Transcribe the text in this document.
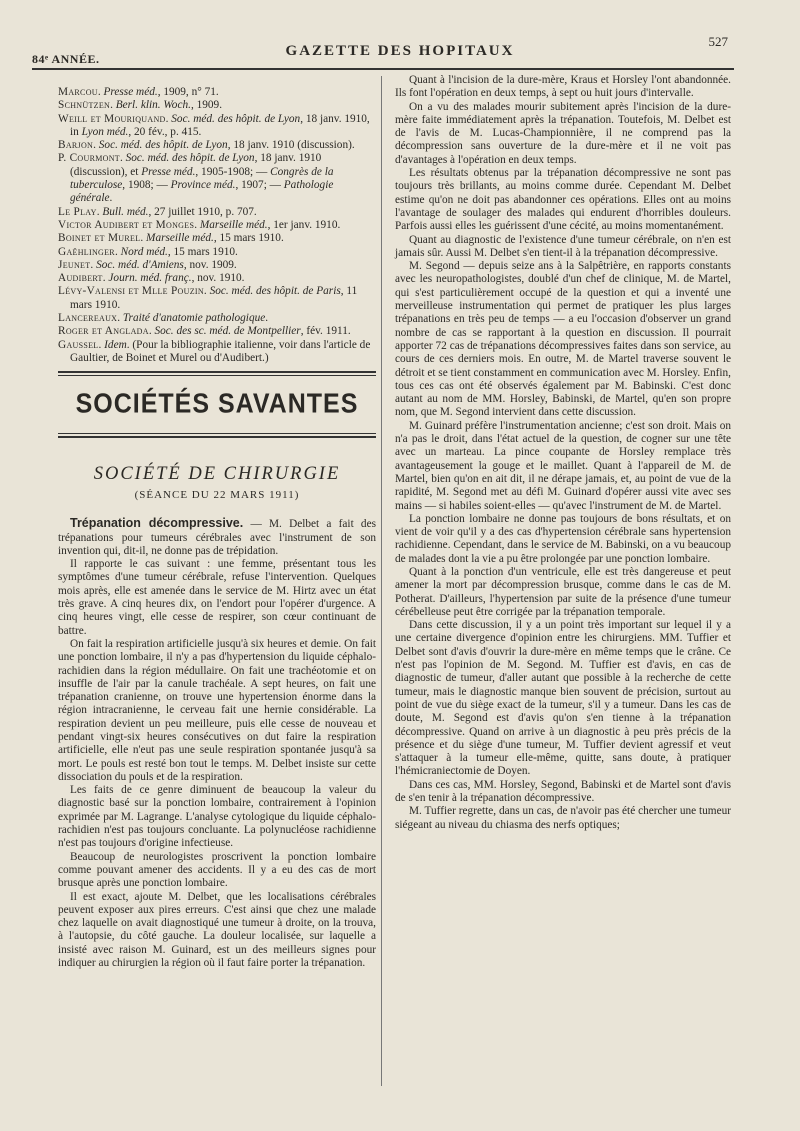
84ᵉ ANNÉE.	GAZETTE DES HOPITAUX
527

Marcou. Presse méd., 1909, n° 71.

Schnützen. Berl. klin. Woch., 1909.

Weill et Mouriquand. Soc. méd. des hôpit. de Lyon, 18 janv. 1910, in Lyon méd., 20 fév., p. 415.

Barjon. Soc. méd. des hôpit. de Lyon, 18 janv. 1910 (discussion).

P. Courmont. Soc. méd. des hôpit. de Lyon, 18 janv. 1910 (discussion), et Presse méd., 1905-1908; — Congrès de la tuberculose, 1908; — Province méd., 1907; — Pathologie générale.

Le Play. Bull. méd., 27 juillet 1910, p. 707.

Victor Audibert et Monges. Marseille méd., 1er janv. 1910.

Boinet et Murel. Marseille méd., 15 mars 1910.

Gaëhlinger. Nord méd., 15 mars 1910.

Jeunet. Soc. méd. d'Amiens, nov. 1909.

Audibert. Journ. méd. franç., nov. 1910.

Lévy-Valensi et Mlle Pouzin. Soc. méd. des hôpit. de Paris, 11 mars 1910.

Lancereaux. Traité d'anatomie pathologique.

Roger et Anglada. Soc. des sc. méd. de Montpellier, fév. 1911.

Gaussel. Idem. (Pour la bibliographie italienne, voir dans l'article de Gaultier, de Boinet et Murel ou d'Audibert.)

SOCIÉTÉS SAVANTES
SOCIÉTÉ DE CHIRURGIE
(SÉANCE DU 22 MARS 1911)

Trépanation décompressive. — M. Delbet a fait des trépanations pour tumeurs cérébrales avec l'instrument de son invention qui, dit-il, ne donne pas de trépidation.

Il rapporte le cas suivant : une femme, présentant tous les symptômes d'une tumeur cérébrale, refuse l'intervention. Quelques mois après, elle est amenée dans le service de M. Hirtz avec un état très grave. A cinq heures dix, on l'endort pour l'opérer d'urgence. A cinq heures vingt, elle cesse de respirer, son cœur continuant de battre.

On fait la respiration artificielle jusqu'à six heures et demie. On fait une ponction lombaire, il n'y a pas d'hypertension du liquide céphalo-rachidien dans la région médullaire. On fait une trachéotomie et on insuffle de l'air par la canule trachéale. A sept heures, on fait une trépanation cranienne, on trouve une hypertension énorme dans la région intracranienne, le cerveau fait une hernie considérable. La respiration devient un peu meilleure, puis elle cesse de nouveau et pendant vingt-six heures consécutives on dut faire la respiration artificielle, elle n'eut pas une seule respiration spontanée jusqu'à sa mort. Le pouls est resté bon tout le temps. M. Delbet insiste sur cette dissociation du pouls et de la respiration.

Les faits de ce genre diminuent de beaucoup la valeur du diagnostic basé sur la ponction lombaire, contrairement à l'opinion exprimée par M. Lagrange. L'analyse cytologique du liquide céphalo-rachidien n'est pas toujours concluante. La polynucléose rachidienne n'est pas toujours d'origine infectieuse.

Beaucoup de neurologistes proscrivent la ponction lombaire comme pouvant amener des accidents. Il y a eu des cas de mort brusque après une ponction lombaire.

Il est exact, ajoute M. Delbet, que les localisations cérébrales peuvent exposer aux pires erreurs. C'est ainsi que chez une malade chez laquelle on avait diagnostiqué une tumeur à droite, on la trouva, à l'autopsie, du côté gauche. La douleur localisée, sur laquelle a insisté avec raison M. Guinard, est un des meilleurs signes pour indiquer au chirurgien la région où il faut faire porter la trépanation.

Quant à l'incision de la dure-mère, Kraus et Horsley l'ont abandonnée. Ils font l'opération en deux temps, à sept ou huit jours d'intervalle.

On a vu des malades mourir subitement après l'incision de la dure-mère faite immédiatement après la trépanation. Toutefois, M. Delbet est de l'avis de M. Lucas-Championnière, il ne comprend pas la décompression sans ouverture de la dure-mère et il ne voit pas d'avantages à l'opération en deux temps.

Les résultats obtenus par la trépanation décompressive ne sont pas toujours très brillants, au moins comme durée. Cependant M. Delbet estime qu'on ne doit pas abandonner ces opérations. Elles ont au moins l'avantage de soulager des malades qui endurent d'horribles douleurs. Parfois aussi elles les guérissent d'une cécité, au moins momentanément.

Quant au diagnostic de l'existence d'une tumeur cérébrale, on n'en est jamais sûr. Aussi M. Delbet s'en tient-il à la trépanation décompressive.

M. Segond — depuis seize ans à la Salpêtrière, en rapports constants avec les neuropathologistes, doublé d'un chef de clinique, M. de Martel, qui s'est particulièrement occupé de la question et qui a inventé une merveilleuse instrumentation qui permet de pratiquer les plus larges trépanations en très peu de temps — a eu l'occasion d'observer un grand nombre de cas se rapportant à la question en discussion. Il pourrait apporter 72 cas de trépanations décompressives faites dans son service, au cours de ces derniers mois. En outre, M. de Martel traverse souvent le détroit et se tient constamment en communication avec M. Horsley. Enfin, tous ces cas ont été observés également par M. Babinski. C'est donc autant au nom de MM. Horsley, Babinski, de Martel, qu'en son propre nom, que M. Segond intervient dans cette discussion.

M. Guinard préfère l'instrumentation ancienne; c'est son droit. Mais on n'a pas le droit, dans l'état actuel de la question, de cogner sur une tête avec un marteau. La pince coupante de Horsley remplace très avantageusement la gouge et le maillet. Quant à l'appareil de M. de Martel, bien qu'on en ait dit, il ne dérape jamais, et, au point de vue de la rapidité, M. Segond met au défi M. Guinard d'opérer aussi vite avec ses mains — si habiles soient-elles — qu'avec l'instrument de M. de Martel.

La ponction lombaire ne donne pas toujours de bons résultats, et on vient de voir qu'il y a des cas d'hypertension cérébrale sans hypertension rachidienne. Cependant, dans le service de M. Babinski, on a vu beaucoup de malades dont la vie a pu être prolongée par une ponction lombaire.

Quant à la ponction d'un ventricule, elle est très dangereuse et peut amener la mort par décompression brusque, comme dans le cas de M. Potherat. D'ailleurs, l'hypertension par suite de la présence d'une tumeur cérébelleuse peut être corrigée par la trépanation temporale.

Dans cette discussion, il y a un point très important sur lequel il y a une certaine divergence d'opinion entre les chirurgiens. MM. Tuffier et Delbet sont d'avis d'ouvrir la dure-mère en même temps que le crâne. Ce n'est pas l'opinion de M. Segond. M. Tuffier est d'avis, en cas de diagnostic de tumeur, d'aller autant que possible à la recherche de cette tumeur, mais le diagnostic manque bien souvent de précision, surtout au point de vue du siège exact de la tumeur, s'il y a tumeur. Dans les cas de doute, M. Segond est d'avis qu'on s'en tienne à la trépanation décompressive. Quand on arrive à un diagnostic à peu près précis de la présence et du siège d'une tumeur, M. Tuffier devient agressif et veut s'attaquer à la tumeur elle-même, quitte, sans doute, à pratiquer l'hémicraniectomie de Doyen.

Dans ces cas, MM. Horsley, Segond, Babinski et de Martel sont d'avis de s'en tenir à la trépanation décompressive.

M. Tuffier regrette, dans un cas, de n'avoir pas été chercher une tumeur siégeant au niveau du chiasma des nerfs optiques;
